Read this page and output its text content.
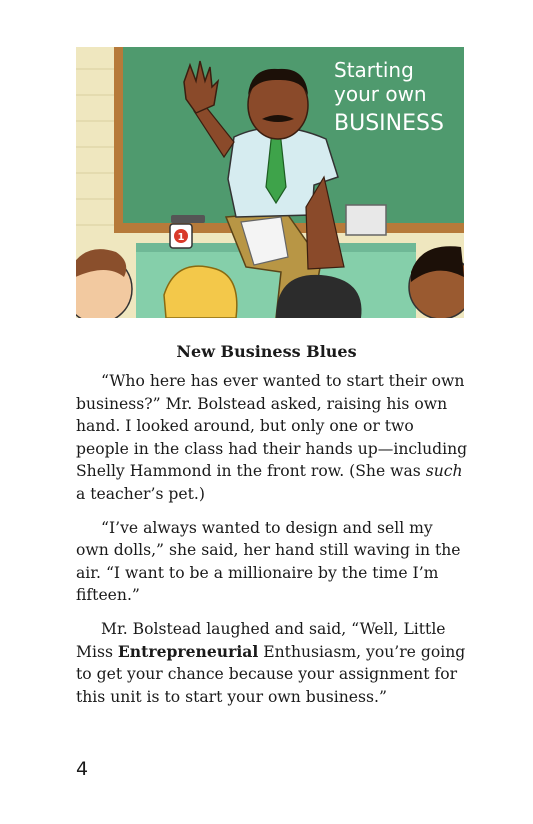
Starting
your own
BUSINESS
1
New Business Blues

“Who here has ever wanted to start their own business?” Mr. Bolstead asked, raising his own hand. I looked around, but only one or two people in the class had their hands up—including Shelly Hammond in the front row. (She was such a teacher’s pet.)

“I’ve always wanted to design and sell my own dolls,” she said, her hand still waving in the air. “I want to be a millionaire by the time I’m fifteen.”

Mr. Bolstead laughed and said, “Well, Little Miss Entrepreneurial Enthusiasm, you’re going to get your chance because your assignment for this unit is to start your own business.”

4
